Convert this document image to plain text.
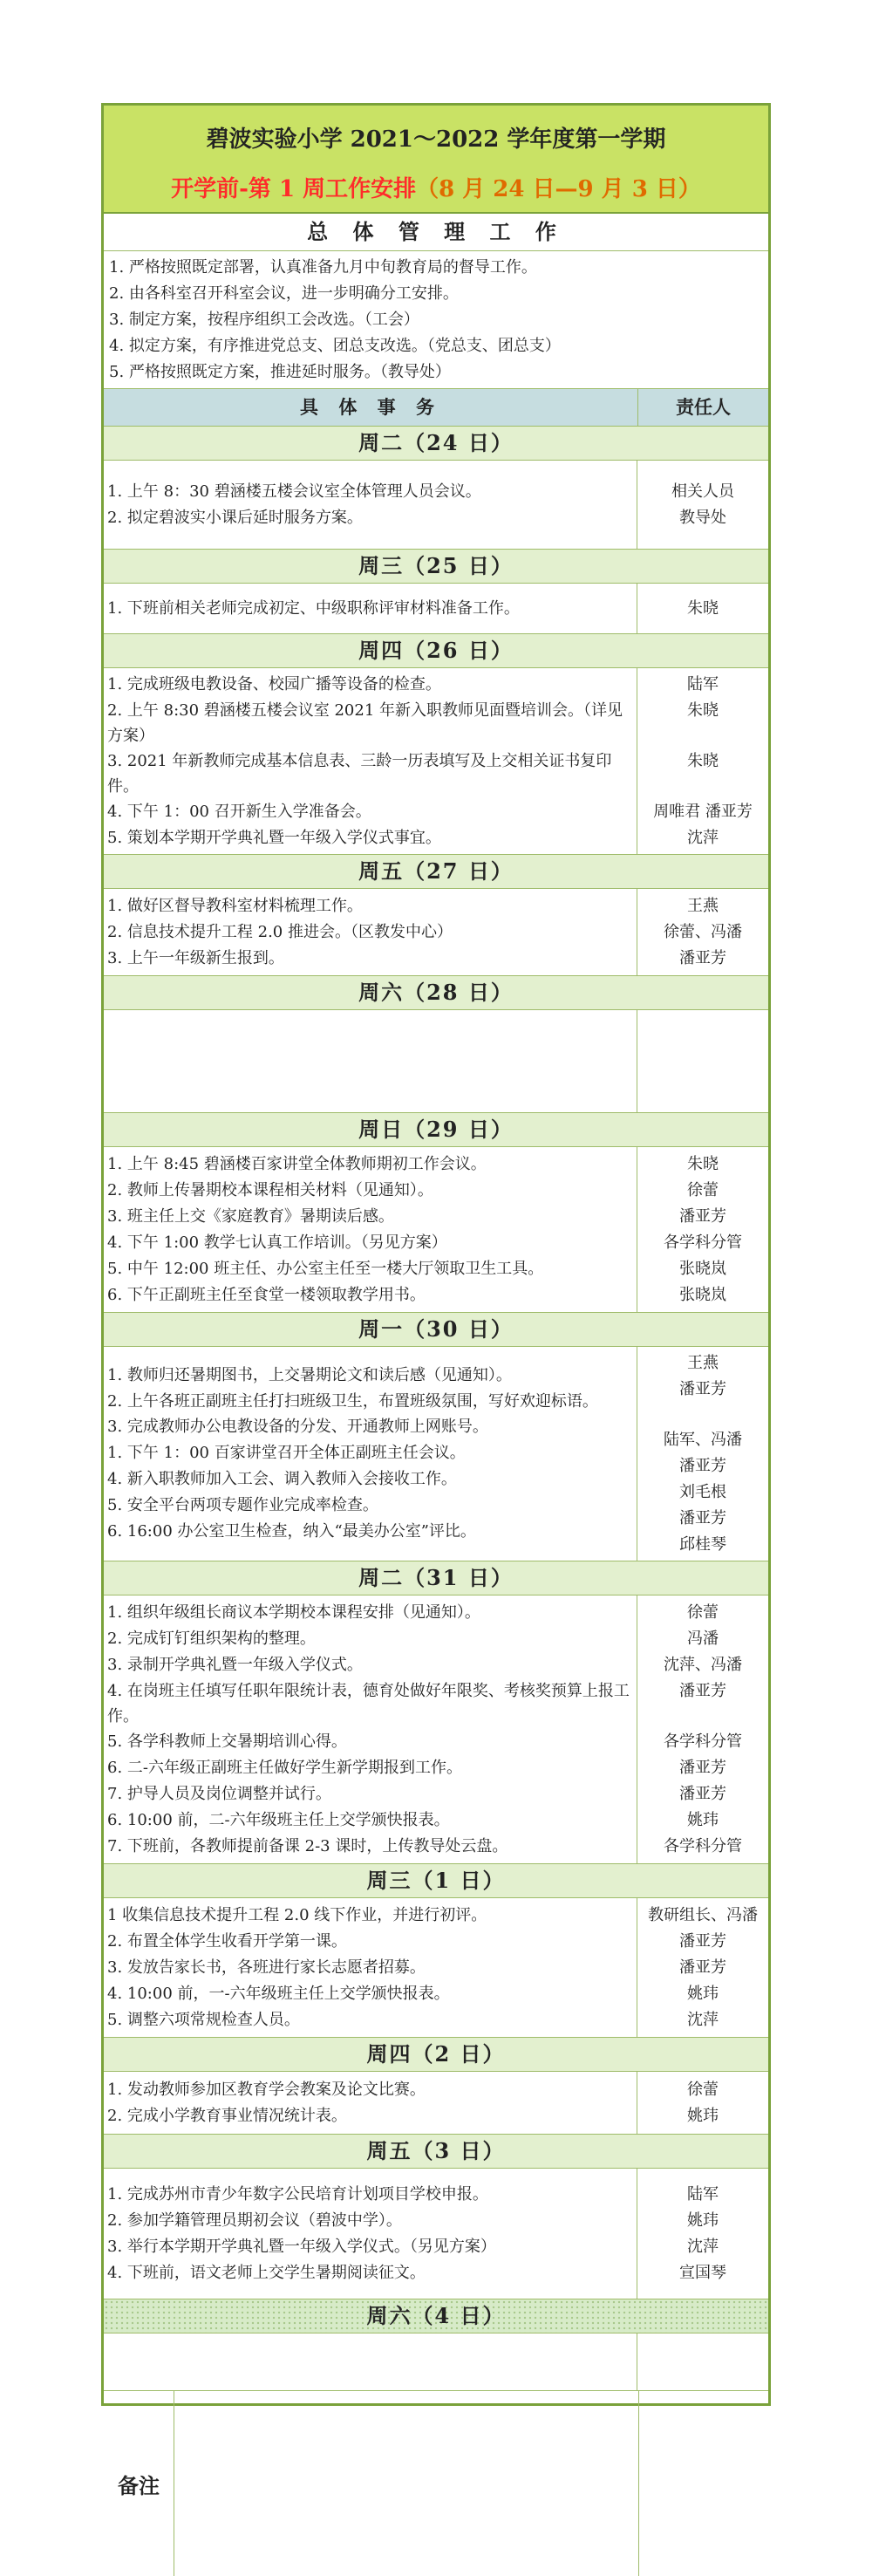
碧波实验小学 2021～2022 学年度第一学期
开学前-第 1 周工作安排（8 月 24 日—9 月 3 日）
总 体 管 理 工 作
1. 严格按照既定部署，认真准备九月中旬教育局的督导工作。
2. 由各科室召开科室会议，进一步明确分工安排。
3. 制定方案，按程序组织工会改选。（工会）
4. 拟定方案，有序推进党总支、团总支改选。（党总支、团总支）
5. 严格按照既定方案，推进延时服务。（教导处）
具 体 事 务	责任人
周二（24 日）
1. 上午 8：30 碧涵楼五楼会议室全体管理人员会议。
2. 拟定碧波实小课后延时服务方案。
相关人员
教导处
周三（25 日）
1. 下班前相关老师完成初定、中级职称评审材料准备工作。	朱晓
周四（26 日）
1. 完成班级电教设备、校园广播等设备的检查。
2. 上午 8:30 碧涵楼五楼会议室 2021 年新入职教师见面暨培训会。（详见方案）
3. 2021 年新教师完成基本信息表、三龄一历表填写及上交相关证书复印件。
4. 下午 1：00 召开新生入学准备会。
5. 策划本学期开学典礼暨一年级入学仪式事宜。
陆军
朱晓
朱晓
周唯君 潘亚芳
沈萍
周五（27 日）
1. 做好区督导教科室材料梳理工作。
2. 信息技术提升工程 2.0 推进会。（区教发中心）
3. 上午一年级新生报到。
王燕
徐蕾、冯潘
潘亚芳
周六（28 日）
周日（29 日）
1. 上午 8:45 碧涵楼百家讲堂全体教师期初工作会议。
2. 教师上传暑期校本课程相关材料（见通知）。
3. 班主任上交《家庭教育》暑期读后感。
4. 下午 1:00 教学七认真工作培训。（另见方案）
5. 中午 12:00 班主任、办公室主任至一楼大厅领取卫生工具。
6. 下午正副班主任至食堂一楼领取教学用书。
朱晓
徐蕾
潘亚芳
各学科分管
张晓岚
张晓岚
周一（30 日）
1. 教师归还暑期图书，上交暑期论文和读后感（见通知）。
2. 上午各班正副班主任打扫班级卫生，布置班级氛围，写好欢迎标语。
3. 完成教师办公电教设备的分发、开通教师上网账号。
1. 下午 1：00 百家讲堂召开全体正副班主任会议。
4. 新入职教师加入工会、调入教师入会接收工作。
5. 安全平台两项专题作业完成率检查。
6. 16:00 办公室卫生检查，纳入“最美办公室”评比。
王燕
潘亚芳
陆军、冯潘
潘亚芳
刘毛根
潘亚芳
邱桂琴
周二（31 日）
1. 组织年级组长商议本学期校本课程安排（见通知）。
2. 完成钉钉组织架构的整理。
3. 录制开学典礼暨一年级入学仪式。
4. 在岗班主任填写任职年限统计表，德育处做好年限奖、考核奖预算上报工作。
5. 各学科教师上交暑期培训心得。
6. 二-六年级正副班主任做好学生新学期报到工作。
7. 护导人员及岗位调整并试行。
6. 10:00 前，二-六年级班主任上交学颁快报表。
7. 下班前，各教师提前备课 2-3 课时，上传教导处云盘。
徐蕾
冯潘
沈萍、冯潘
潘亚芳
各学科分管
潘亚芳
潘亚芳
姚玮
各学科分管
周三（1 日）
1 收集信息技术提升工程 2.0 线下作业，并进行初评。
2. 布置全体学生收看开学第一课。
3. 发放告家长书，各班进行家长志愿者招募。
4. 10:00 前，一-六年级班主任上交学颁快报表。
5. 调整六项常规检查人员。
教研组长、冯潘
潘亚芳
潘亚芳
姚玮
沈萍
周四（2 日）
1. 发动教师参加区教育学会教案及论文比赛。
2. 完成小学教育事业情况统计表。
徐蕾
姚玮
周五（3 日）
1. 完成苏州市青少年数字公民培育计划项目学校申报。
2. 参加学籍管理员期初会议（碧波中学）。
3. 举行本学期开学典礼暨一年级入学仪式。（另见方案）
4. 下班前，语文老师上交学生暑期阅读征文。
陆军
姚玮
沈萍
宣国琴
周六（4 日）
备注
